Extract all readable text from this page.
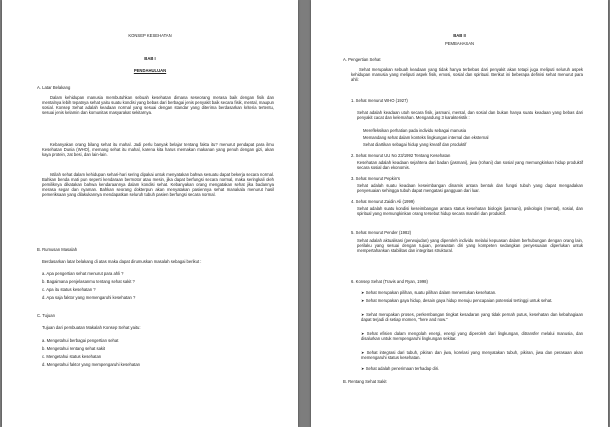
KONSEP KESEHATAN
BAB I
PENDAHULUAN
A. Latar Belakang
Dalam kehidupan manusia membutuhkan sebuah kesehatan dimana seseorang merasa baik dengan fisik dan mentalnya lebih tepatnya sehat yaitu suatu kondisi yang bebas dari berbagai jenis penyakit baik secara fisik, mental, maupun sosial. Konsep Sehat adalah keadaan normal yang sesuai dengan standar yang diterima berdasarkan kriteria tertentu, sesuai jenis kelamin dan komunitas masyarakat sekitarnya.
Kebanyakan orang bilang sehat itu mahal. Jadi perlu banyak belajar tentang fakta itu? menurut pendapat para ilmu Kesehatan Dunia (WHO), memang sehat itu mahal, karena kita harus memakan makanan yang penuh dengan gizi, akan kaya protein, zat besi, dan lain-lain.
Istilah sehat dalam kehidupan sehari-hari sering dipakai untuk menyatakan bahwa sesuatu dapat bekerja secara normal. Bahkan benda mati pun seperti kendaraan bermotor atau mesin, jika dapat berfungsi secara normal, maka seringkali oleh pemiliknya dikatakan bahwa kendaraannya dalam kondisi sehat. Kebanyakan orang mengatakan sehat jika badannya merasa segar dan nyaman. Bahkan seorang dokterpun akan menyatakan pasiennya sehat manakala menurut hasil pemeriksaan yang dilakukannya mendapatkan seluruh tubuh pasien berfungsi secara normal.
B. Rumusan Masalah
Berdasarkan latar belakang di atas maka dapat dirumuskan masalah sebagai berikut :
a. Apa pengertian sehat menurut para ahli ?
b. Bagaimana penjelasanmu tentang sehat sakit ?
c. Apa itu status kesehatan ?
d. Apa saja faktor yang memengaruhi kesehatan ?
C. Tujuan
Tujuan dari pembuatan Makalah Konsep Sehat yaitu:
a. Mengetahui berbagai pengertian sehat
b. Mengetahui rentang sehat sakit
c. Mengetahui status kesehatan
d. Mengetahui faktor yang mempengaruhi kesehatan
BAB II
PEMBAHASAN
A. Pengertian Sehat
Sehat merupakan sebuah keadaan yang tidak hanya terbebas dari penyakit akan tetapi juga meliputi seluruh aspek kehidupan manusia yang meliputi aspek fisik, emosi, sosial dan spiritual. Berikut ini beberapa definisi sehat menurut para ahli:
1. Sehat menurut WHO (1927)
Sehat adalah keadaan utuh secara fisik, jasmani, mental, dan sosial dan bukan hanya suatu keadaan yang bebas dari penyakit cacat dan kelemahan. Mengandung 3 karakteristik :
Merefleksikan perhatian pada individu sebagai manusia
Memandang sehat dalam konteks lingkungan internal dan eksternal
Sehat diartikan sebagai hidup yang kreatif dan produktif
2. Sehat menurut UU No 23/1992 Tentang Kesehatan
Kesehatan adalah keadaan sejahtera dari badan (jasmani), jiwa (rohani) dan sosial yang memungkinkan hidup produktif secara sosial dan ekonomis.
3. Sehat menurut Pepkin's
Sehat adalah suatu keadaan keseimbangan dinamis antara bentuk dan fungsi tubuh yang dapat mengadakan penyesuaian sehingga tubuh dapat mengatasi gangguan dari luar.
4. Sehat menurut Zaidin Ali (1999)
Sehat adalah suatu kondisi keseimbangan antara status kesehatan biologis (jasmani), psikologis (mental), sosial, dan spiritual yang memungkinkan orang tersebut hidup secara mandiri dan produktif.
5. Sehat menurut Pender (1982)
Sehat adalah aktualisasi (perwujudan) yang diperoleh individu melalui kepuasan dalam berhubungan dengan orang lain, perilaku yang sesuai dengan tujuan, perawatan diri yang kompeten sedangkan penyesuaian diperlukan untuk mempertahankan stabilitas dan integritas struktural.
6. Konsep Sehat (Travis and Ryan, 1998)
➤ Sehat merupakan pilihan, suatu pilihan dalam menentukan kesehatan.
➤ Sehat merupakan gaya hidup, desain gaya hidup menuju pencapaian potensial tertinggi untuk sehat.
➤ Sehat merupakan proses, perkembangan tingkat kesadaran yang tidak pernah putus, kesehatan dan kebahagiaan dapat terjadi di setiap momen, "here and now."
➤ Sehat efisien dalam mengolah energi, energi yang diperoleh dari lingkungan, ditransfer melalui manusia, dan disalurkan untuk mempengaruhi lingkungan sekitar.
➤ Sehat integrasi dari tubuh, pikiran dan jiwa, korelasi yang menyatakan tubuh, pikiran, jiwa dan perasaan akan memengaruhi status kesehatan.
➤ Sehat adalah penerimaan terhadap diri.
B. Rentang Sehat Sakit
